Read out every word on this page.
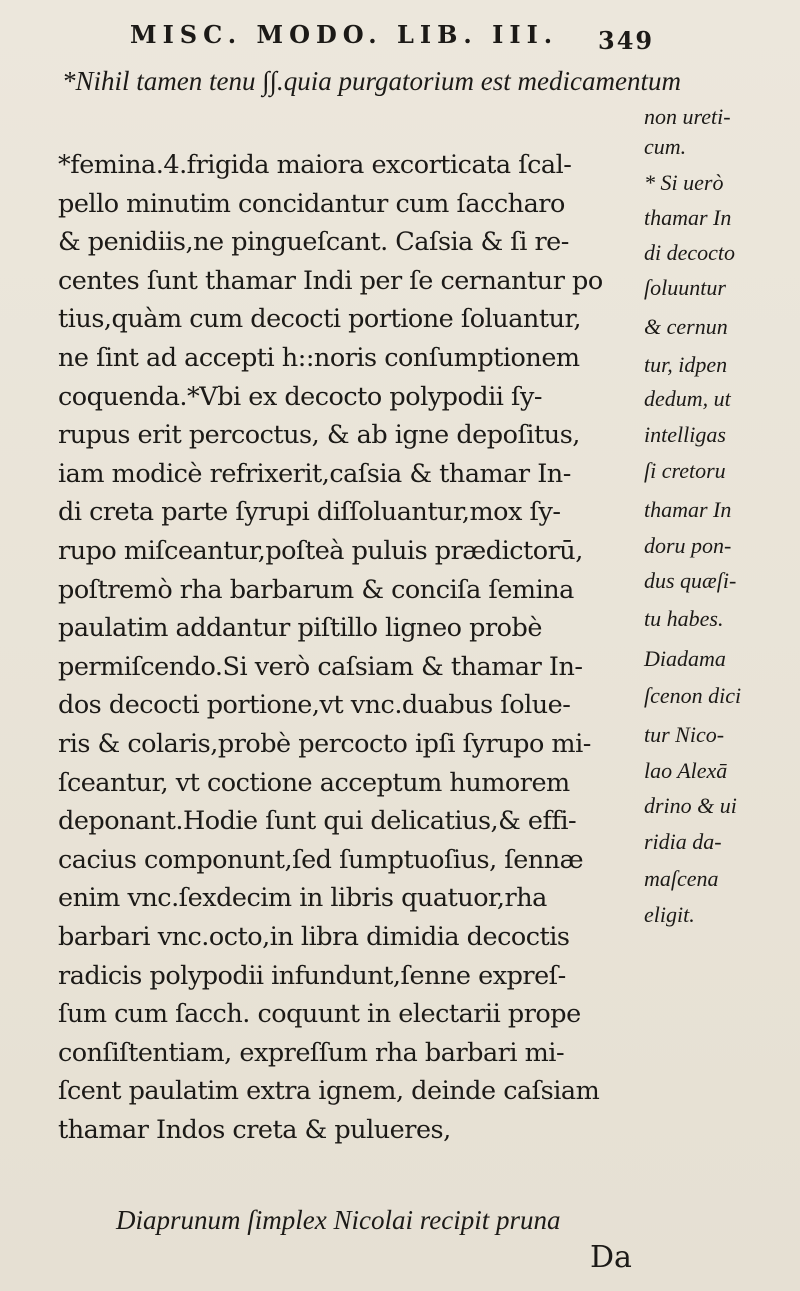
MISC. MODO. LIB. III. 349
*Nihil tamen tenu ∫∫.quia purgatorium est medicamentum
*femina.4.frigida maiora excorticata ſcal-
pello minutim concidantur cum ſaccharo
& penidiis,ne pingueſcant. Caſsia & ſi re-
centes ſunt thamar Indi per ſe cernantur po
tius,quàm cum decocti portione ſoluantur,
ne ſint ad accepti h::noris conſumptionem
coquenda.*Vbi ex decocto polypodii ſy-
rupus erit percoctus, & ab igne depoſitus,
iam modicè refrixerit,caſsia & thamar In-
di creta parte ſyrupi diſſoluantur,mox ſy-
rupo miſceantur,poſteà puluis prædictorū,
poſtremò rha barbarum & conciſa ſemina
paulatim addantur piſtillo ligneo probè
permiſcendo.Si verò caſsiam & thamar In-
dos decocti portione,vt vnc.duabus ſolue-
ris & colaris,probè percocto ipſi ſyrupo mi-
ſceantur, vt coctione acceptum humorem
deponant.Hodie ſunt qui delicatius,& effi-
cacius componunt,ſed ſumptuoſius, ſennæ
enim vnc.ſexdecim in libris quatuor,rha
barbari vnc.octo,in libra dimidia decoctis
radicis polypodii infundunt,ſenne expreſ-
ſum cum ſacch. coquunt in electarii prope
conſiſtentiam, expreſſum rha barbari mi-
ſcent paulatim extra ignem, deinde caſsiam
thamar Indos creta & pulueres,
non ureti-
cum.
* Si uerò
thamar In
di decocto
ſoluuntur
& cernun
tur, idpen
dedum, ut
intelligas
ſi cretoru
thamar In
doru pon-
dus quæſi-
tu habes.
Diadama
ſcenon dici
tur Nico-
lao Alexā
drino & ui
ridia da-
maſcena
eligit.
Diaprunum ſimplex Nicolai recipit pruna
Da
